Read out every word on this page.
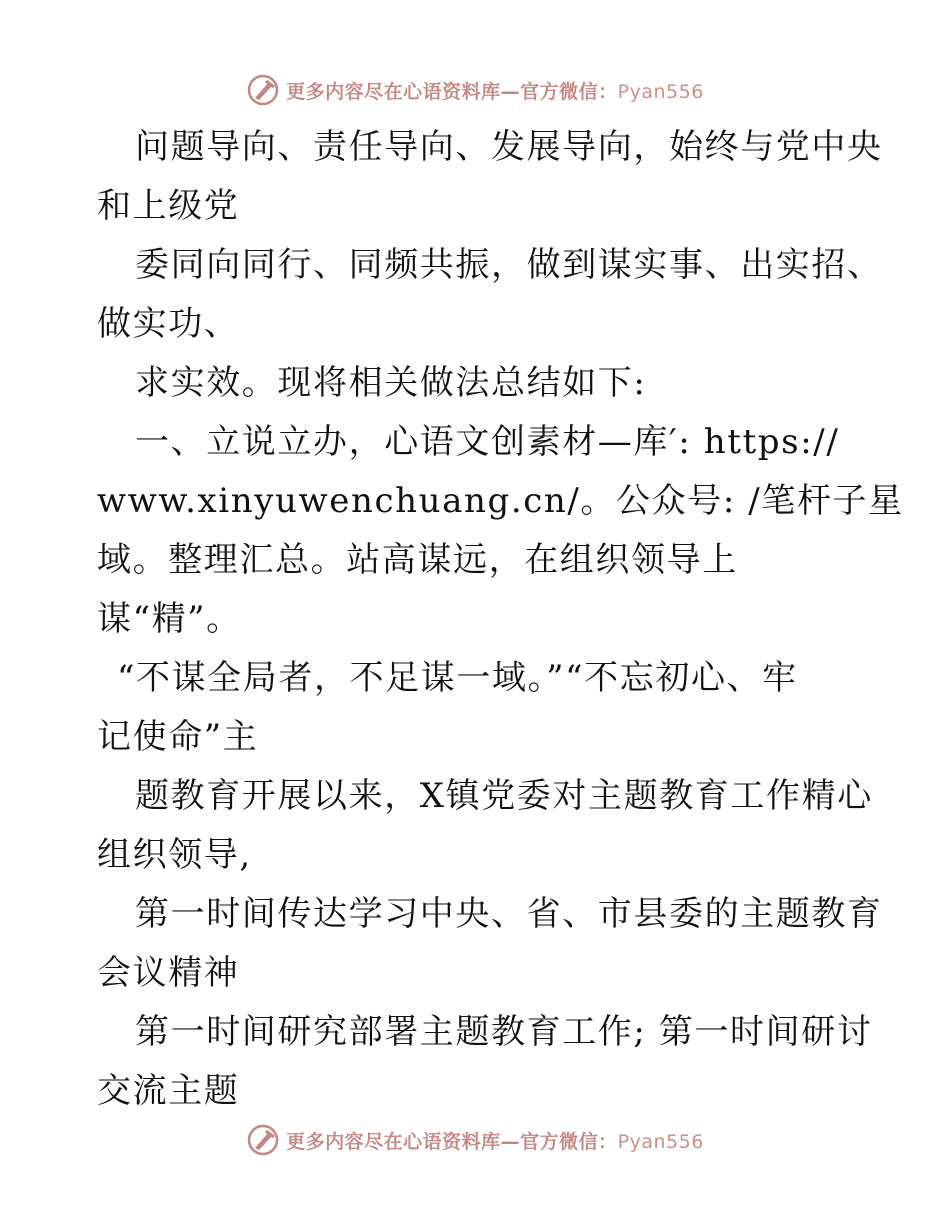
更多内容尽在心语资料库—官方微信：Pyan556
问题导向、责任导向、发展导向，始终与党中央
和上级党
委同向同行、同频共振，做到谋实事、出实招、
做实功、
求实效。现将相关做法总结如下:
一、立说立办，心语文创素材—库′: https://
www.xinyuwenchuang.cn/。公众号: /笔杆子星
域。整理汇总。站高谋远，在组织领导上
谋“精”。
“不谋全局者，不足谋一域。”“不忘初心、牢
记使命”主
题教育开展以来，X镇党委对主题教育工作精心
组织领导,
第一时间传达学习中央、省、市县委的主题教育
会议精神
第一时间研究部署主题教育工作; 第一时间研讨
交流主题
更多内容尽在心语资料库—官方微信：Pyan556
